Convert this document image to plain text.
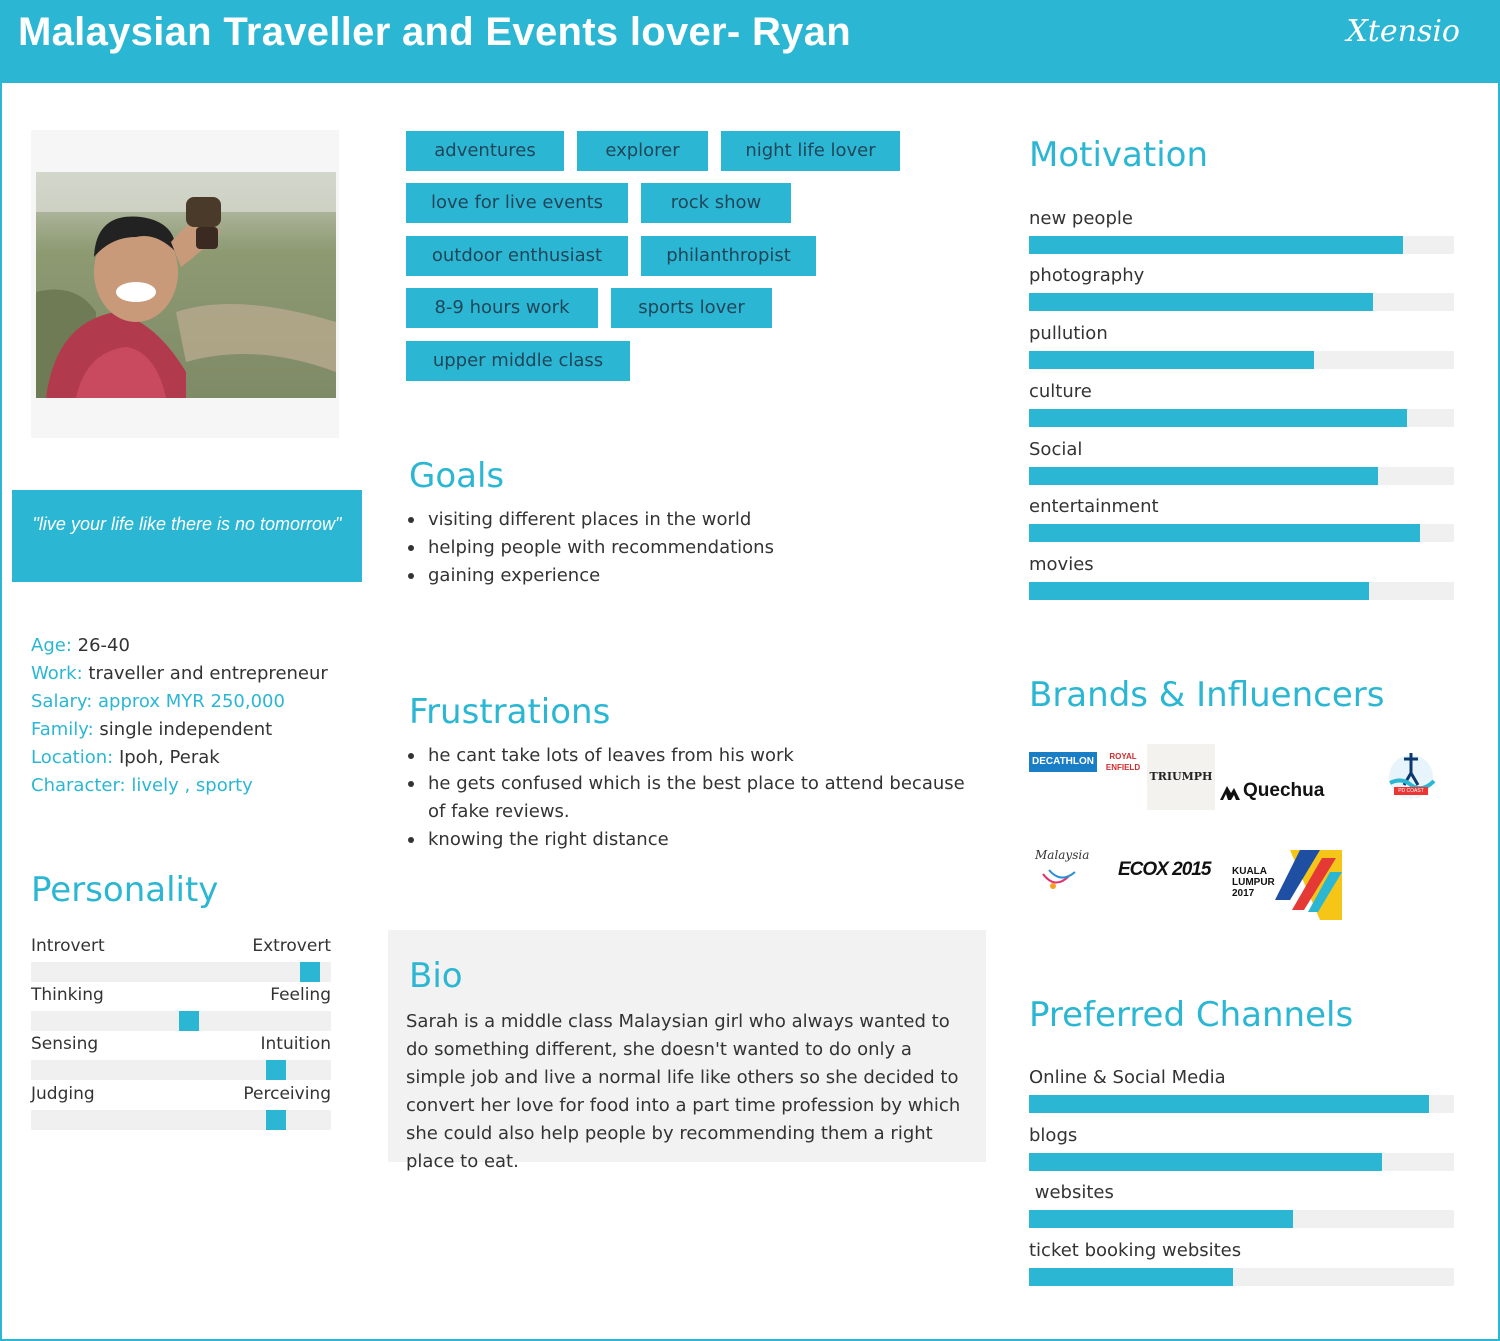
Malaysian Traveller and Events lover- Ryan	Xtensio
"live your life like there is no tomorrow"
Age: 26-40
Work: traveller and entrepreneur
Salary: approx MYR 250,000
Family: single independent
Location: Ipoh, Perak
Character: lively , sporty
Personality
Introvert	Extrovert
Thinking	Feeling
Sensing	Intuition
Judging	Perceiving
adventures	explorer	night life lover
love for live events	rock show
outdoor enthusiast	philanthropist
8-9 hours work	sports lover
upper middle class
Goals
visiting different places in the world
helping people with recommendations
gaining experience
Frustrations
he cant take lots of leaves from his work
he gets confused which is the best place to attend because of fake reviews.
knowing the right distance
Bio
Sarah is a middle class Malaysian girl who always wanted to do something different, she doesn't wanted to do only a simple job and live a normal life like others so she decided to convert her love for food into a part time profession by which she could also help people by recommending them a right place to eat.
Motivation
new people
photography
pullution
culture
Social
entertainment
movies
Brands & Influencers
DECATHLON	ROYAL ENFIELD
TRIUMPH
Quechua	PD COAST RUN
Malaysia
ECOX 2015	KUALA LUMPUR 2017
Preferred Channels
Online & Social Media
blogs
websites
ticket booking websites
